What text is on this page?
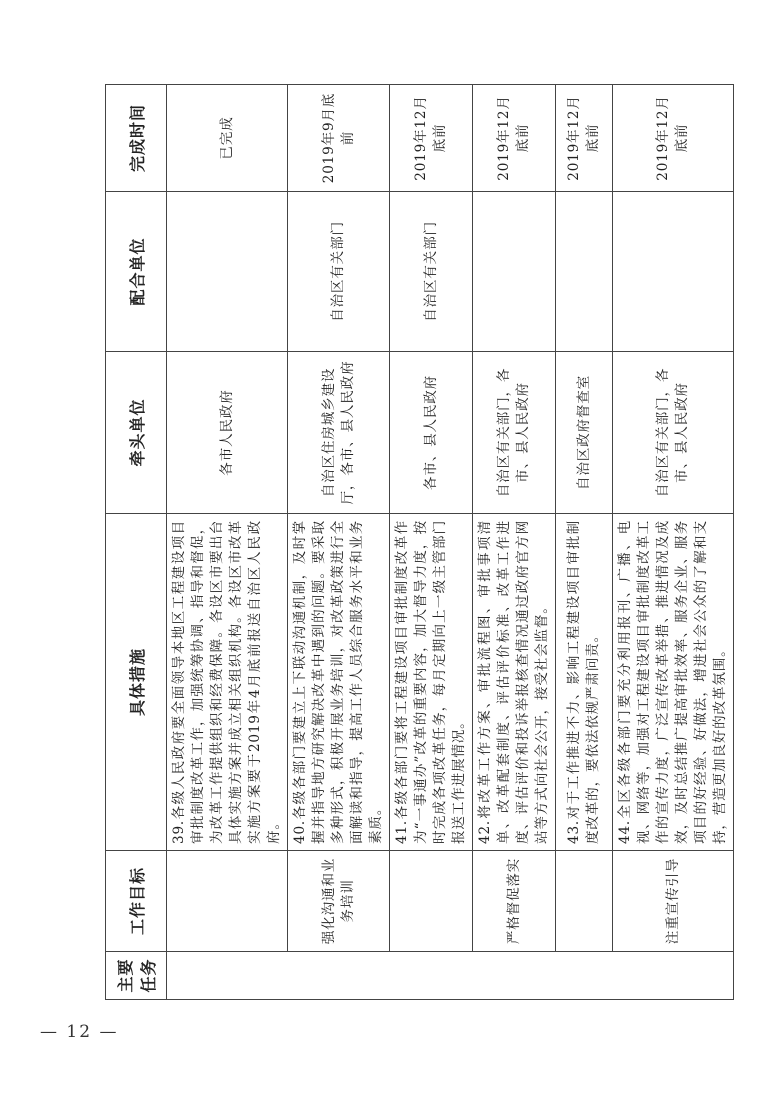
主要任务	工作目标	具体措施	牵头单位	配合单位	完成时间
		39.各级人民政府要全面领导本地区工程建设项目审批制度改革工作，加强统筹协调、指导和督促，为改革工作提供组织和经费保障。各设区市要出台具体实施方案并成立相关组织机构。各设区市改革实施方案要于2019年4月底前报送自治区人民政府。	各市人民政府		已完成
	强化沟通和业务培训	40.各级各部门要建立上下联动沟通机制，及时掌握并指导地方研究解决改革中遇到的问题。要采取多种形式，积极开展业务培训，对改革政策进行全面解读和指导，提高工作人员综合服务水平和业务素质。	自治区住房城乡建设厅，各市、县人民政府	自治区有关部门	2019年9月底前
		41.各级各部门要将工程建设项目审批制度改革作为“一事通办”改革的重要内容，加大督导力度，按时完成各项改革任务，每月定期向上一级主管部门报送工作进展情况。	各市、县人民政府	自治区有关部门	2019年12月底前
	严格督促落实	42.将改革工作方案、审批流程图、审批事项清单、改革配套制度、评估评价标准、改革工作进度、评估评价和投诉举报核查情况通过政府官方网站等方式向社会公开，接受社会监督。	自治区有关部门，各市、县人民政府		2019年12月底前
		43.对于工作推进不力、影响工程建设项目审批制度改革的，要依法依规严肃问责。	自治区政府督查室		2019年12月底前
	注重宣传引导	44.全区各级各部门要充分利用报刊、广播、电视、网络等，加强对工程建设项目审批制度改革工作的宣传力度，广泛宣传改革举措、推进情况及成效，及时总结推广提高审批效率、服务企业、服务项目的好经验、好做法，增进社会公众的了解和支持，营造更加良好的改革氛围。	自治区有关部门，各市、县人民政府		2019年12月底前
— 12 —
